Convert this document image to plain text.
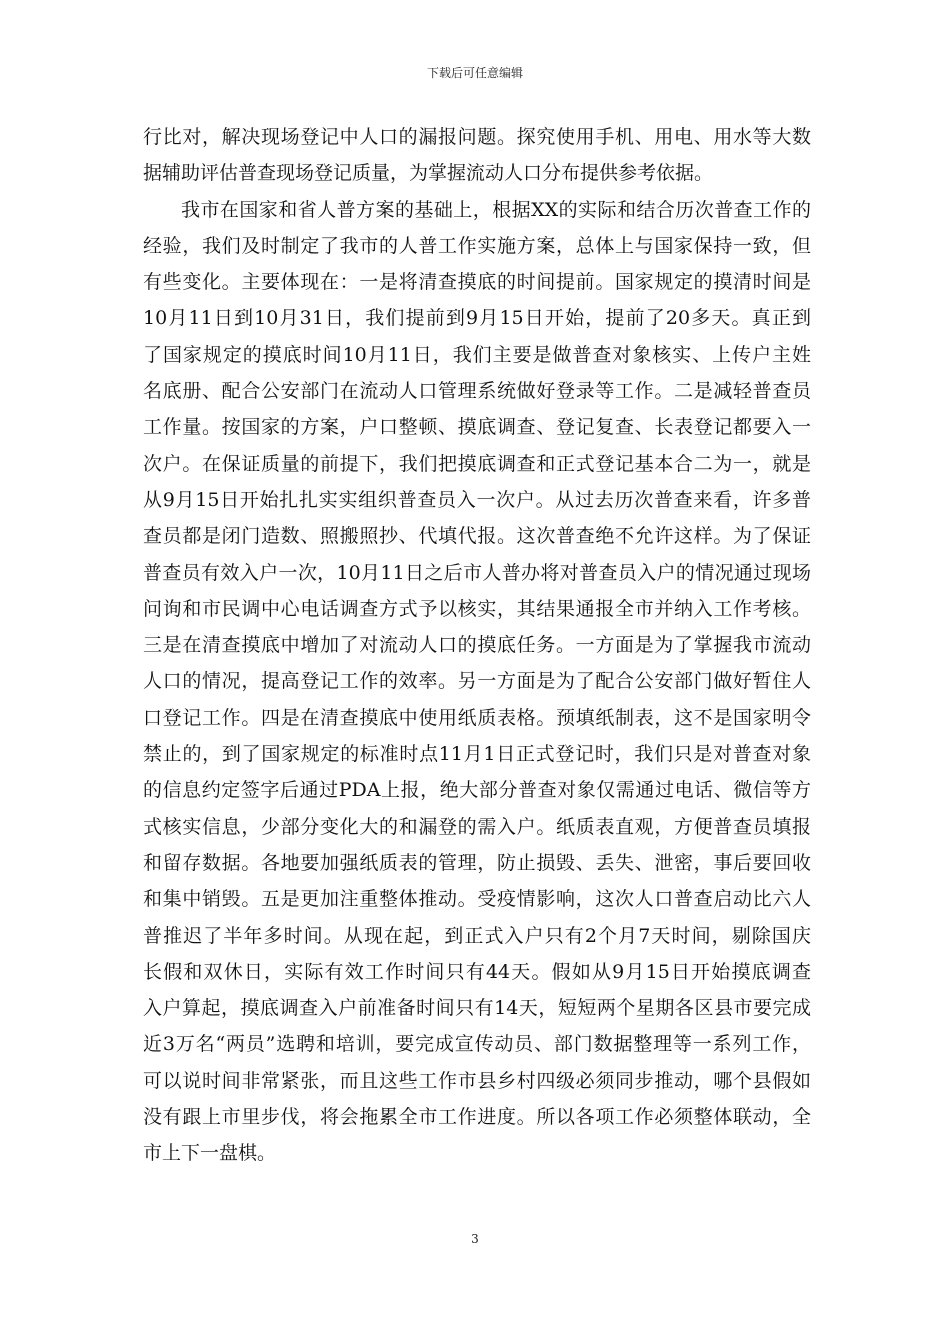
下载后可任意编辑
行比对，解决现场登记中人口的漏报问题。探究使用手机、用电、用水等大数
据辅助评估普查现场登记质量，为掌握流动人口分布提供参考依据。
我市在国家和省人普方案的基础上，根据XX的实际和结合历次普查工作的
经验，我们及时制定了我市的人普工作实施方案，总体上与国家保持一致，但
有些变化。主要体现在：一是将清查摸底的时间提前。国家规定的摸清时间是
10月11日到10月31日，我们提前到9月15日开始，提前了20多天。真正到
了国家规定的摸底时间10月11日，我们主要是做普查对象核实、上传户主姓
名底册、配合公安部门在流动人口管理系统做好登录等工作。二是减轻普查员
工作量。按国家的方案，户口整顿、摸底调查、登记复查、长表登记都要入一
次户。在保证质量的前提下，我们把摸底调查和正式登记基本合二为一，就是
从9月15日开始扎扎实实组织普查员入一次户。从过去历次普查来看，许多普
查员都是闭门造数、照搬照抄、代填代报。这次普查绝不允许这样。为了保证
普查员有效入户一次，10月11日之后市人普办将对普查员入户的情况通过现场
问询和市民调中心电话调查方式予以核实，其结果通报全市并纳入工作考核。
三是在清查摸底中增加了对流动人口的摸底任务。一方面是为了掌握我市流动
人口的情况，提高登记工作的效率。另一方面是为了配合公安部门做好暂住人
口登记工作。四是在清查摸底中使用纸质表格。预填纸制表，这不是国家明令
禁止的，到了国家规定的标准时点11月1日正式登记时，我们只是对普查对象
的信息约定签字后通过PDA上报，绝大部分普查对象仅需通过电话、微信等方
式核实信息，少部分变化大的和漏登的需入户。纸质表直观，方便普查员填报
和留存数据。各地要加强纸质表的管理，防止损毁、丢失、泄密，事后要回收
和集中销毁。五是更加注重整体推动。受疫情影响，这次人口普查启动比六人
普推迟了半年多时间。从现在起，到正式入户只有2个月7天时间，剔除国庆
长假和双休日，实际有效工作时间只有44天。假如从9月15日开始摸底调查
入户算起，摸底调查入户前准备时间只有14天，短短两个星期各区县市要完成
近3万名“两员”选聘和培训，要完成宣传动员、部门数据整理等一系列工作，
可以说时间非常紧张，而且这些工作市县乡村四级必须同步推动，哪个县假如
没有跟上市里步伐，将会拖累全市工作进度。所以各项工作必须整体联动，全
市上下一盘棋。
3
